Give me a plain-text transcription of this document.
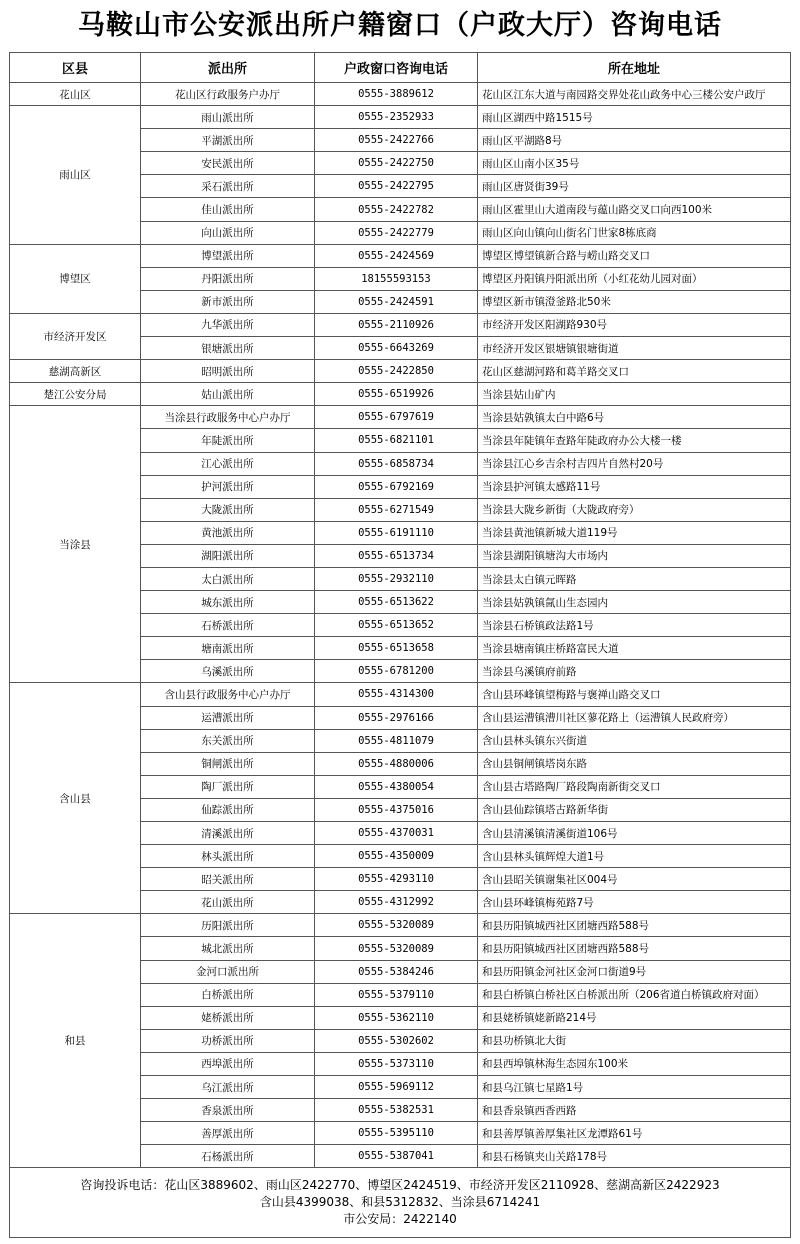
马鞍山市公安派出所户籍窗口（户政大厅）咨询电话
区县	派出所	户政窗口咨询电话	所在地址
花山区	花山区行政服务户办厅	0555-3889612	花山区江东大道与南园路交界处花山政务中心三楼公安户政厅
雨山区	雨山派出所	0555-2352933	雨山区湖西中路1515号
	平湖派出所	0555-2422766	雨山区平湖路8号
	安民派出所	0555-2422750	雨山区山南小区35号
	采石派出所	0555-2422795	雨山区唐贤街39号
	佳山派出所	0555-2422782	雨山区霍里山大道南段与蕴山路交叉口向西100米
	向山派出所	0555-2422779	雨山区向山镇向山街名门世家8栋底商
博望区	博望派出所	0555-2424569	博望区博望镇新合路与崂山路交叉口
	丹阳派出所	18155593153	博望区丹阳镇丹阳派出所（小红花幼儿园对面）
	新市派出所	0555-2424591	博望区新市镇澄釜路北50米
市经济开发区	九华派出所	0555-2110926	市经济开发区阳湖路930号
	银塘派出所	0555-6643269	市经济开发区银塘镇银塘街道
慈湖高新区	昭明派出所	0555-2422850	花山区慈湖河路和葛羊路交叉口
楚江公安分局	姑山派出所	0555-6519926	当涂县姑山矿内
当涂县	当涂县行政服务中心户办厅	0555-6797619	当涂县姑孰镇太白中路6号
	年陡派出所	0555-6821101	当涂县年陡镇年查路年陡政府办公大楼一楼
	江心派出所	0555-6858734	当涂县江心乡吉余村吉四片自然村20号
	护河派出所	0555-6792169	当涂县护河镇太感路11号
	大陇派出所	0555-6271549	当涂县大陇乡新街（大陇政府旁）
	黄池派出所	0555-6191110	当涂县黄池镇新城大道119号
	湖阳派出所	0555-6513734	当涂县湖阳镇塘沟大市场内
	太白派出所	0555-2932110	当涂县太白镇元晖路
	城东派出所	0555-6513622	当涂县姑孰镇氤山生态园内
	石桥派出所	0555-6513652	当涂县石桥镇政法路1号
	塘南派出所	0555-6513658	当涂县塘南镇庄桥路富民大道
	乌溪派出所	0555-6781200	当涂县乌溪镇府前路
含山县	含山县行政服务中心户办厅	0555-4314300	含山县环峰镇望梅路与褒禅山路交叉口
	运漕派出所	0555-2976166	含山县运漕镇漕川社区蓼花路上（运漕镇人民政府旁）
	东关派出所	0555-4811079	含山县林头镇东兴街道
	铜闸派出所	0555-4880006	含山县铜闸镇塔岗东路
	陶厂派出所	0555-4380054	含山县古塔路陶厂路段陶南新街交叉口
	仙踪派出所	0555-4375016	含山县仙踪镇塔古路新华街
	清溪派出所	0555-4370031	含山县清溪镇清溪街道106号
	林头派出所	0555-4350009	含山县林头镇辉煌大道1号
	昭关派出所	0555-4293110	含山县昭关镇谢集社区004号
	花山派出所	0555-4312992	含山县环峰镇梅苑路7号
和县	历阳派出所	0555-5320089	和县历阳镇城西社区团塘西路588号
	城北派出所	0555-5320089	和县历阳镇城西社区团塘西路588号
	金河口派出所	0555-5384246	和县历阳镇金河社区金河口街道9号
	白桥派出所	0555-5379110	和县白桥镇白桥社区白桥派出所（206省道白桥镇政府对面）
	姥桥派出所	0555-5362110	和县姥桥镇姥新路214号
	功桥派出所	0555-5302602	和县功桥镇北大街
	西埠派出所	0555-5373110	和县西埠镇林海生态园东100米
	乌江派出所	0555-5969112	和县乌江镇七星路1号
	香泉派出所	0555-5382531	和县香泉镇西香西路
	善厚派出所	0555-5395110	和县善厚镇善厚集社区龙潭路61号
	石杨派出所	0555-5387041	和县石杨镇夹山关路178号

咨询投诉电话：花山区3889602、雨山区2422770、博望区2424519、市经济开发区2110928、慈湖高新区2422923
含山县4399038、和县5312832、当涂县6714241
市公安局：2422140			
